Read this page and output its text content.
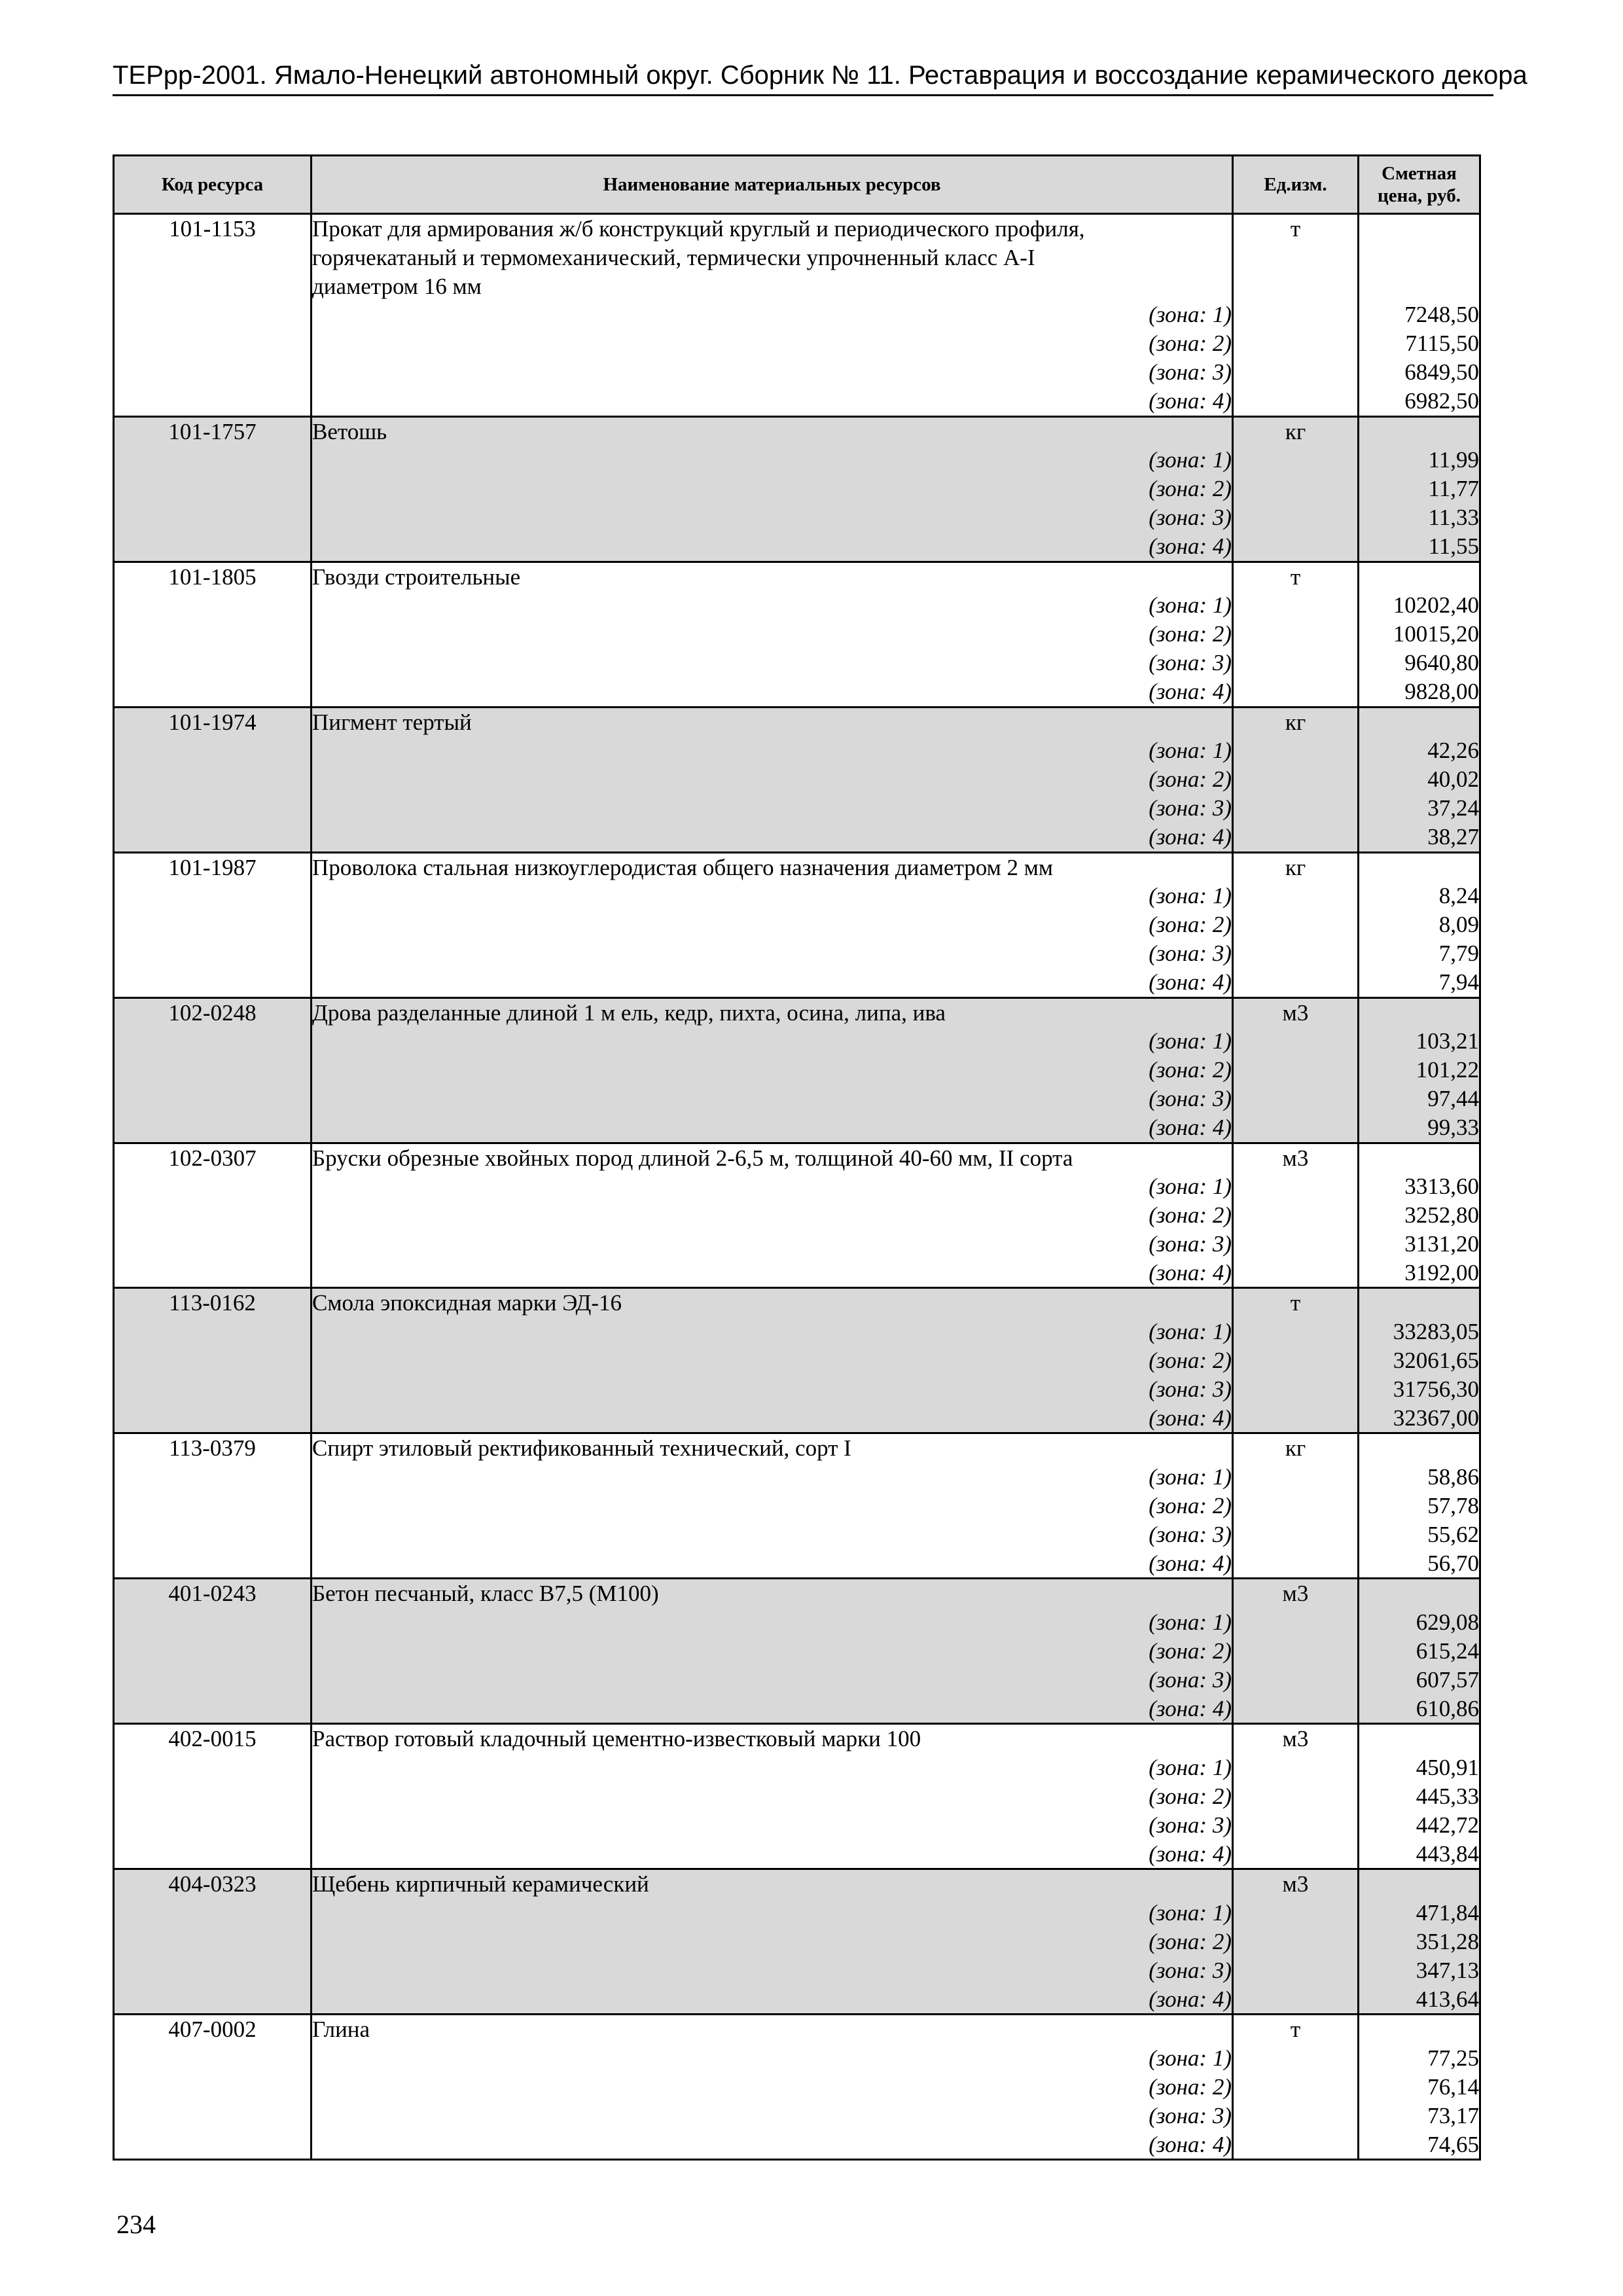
ТЕРрр-2001. Ямало-Ненецкий автономный округ. Сборник № 11. Реставрация и воссоздание керамического декора
Код ресурса	Наименование материальных ресурсов	Ед.изм.	Сметная цена, руб.
101-1153	Прокат для армирования ж/б конструкций круглый и периодического профиля,	т	
	горячекатаный и термомеханический, термически упрочненный класс А-I		
	диаметром 16 мм		
	(зона: 1)		7248,50
	(зона: 2)		7115,50
	(зона: 3)		6849,50
	(зона: 4)		6982,50
101-1757	Ветошь	кг	
	(зона: 1)		11,99
	(зона: 2)		11,77
	(зона: 3)		11,33
	(зона: 4)		11,55
101-1805	Гвозди строительные	т	
	(зона: 1)		10202,40
	(зона: 2)		10015,20
	(зона: 3)		9640,80
	(зона: 4)		9828,00
101-1974	Пигмент тертый	кг	
	(зона: 1)		42,26
	(зона: 2)		40,02
	(зона: 3)		37,24
	(зона: 4)		38,27
101-1987	Проволока стальная низкоуглеродистая общего назначения диаметром 2 мм	кг	
	(зона: 1)		8,24
	(зона: 2)		8,09
	(зона: 3)		7,79
	(зона: 4)		7,94
102-0248	Дрова разделанные длиной 1 м ель, кедр, пихта, осина, липа, ива	м3	
	(зона: 1)		103,21
	(зона: 2)		101,22
	(зона: 3)		97,44
	(зона: 4)		99,33
102-0307	Бруски обрезные хвойных пород длиной 2-6,5 м, толщиной 40-60 мм, II сорта	м3	
	(зона: 1)		3313,60
	(зона: 2)		3252,80
	(зона: 3)		3131,20
	(зона: 4)		3192,00
113-0162	Смола эпоксидная марки ЭД-16	т	
	(зона: 1)		33283,05
	(зона: 2)		32061,65
	(зона: 3)		31756,30
	(зона: 4)		32367,00
113-0379	Спирт этиловый ректификованный технический, сорт I	кг	
	(зона: 1)		58,86
	(зона: 2)		57,78
	(зона: 3)		55,62
	(зона: 4)		56,70
401-0243	Бетон песчаный, класс В7,5 (М100)	м3	
	(зона: 1)		629,08
	(зона: 2)		615,24
	(зона: 3)		607,57
	(зона: 4)		610,86
402-0015	Раствор готовый кладочный цементно-известковый марки 100	м3	
	(зона: 1)		450,91
	(зона: 2)		445,33
	(зона: 3)		442,72
	(зона: 4)		443,84
404-0323	Щебень кирпичный керамический	м3	
	(зона: 1)		471,84
	(зона: 2)		351,28
	(зона: 3)		347,13
	(зона: 4)		413,64
407-0002	Глина	т	
	(зона: 1)		77,25
	(зона: 2)		76,14
	(зона: 3)		73,17
	(зона: 4)		74,65
234
